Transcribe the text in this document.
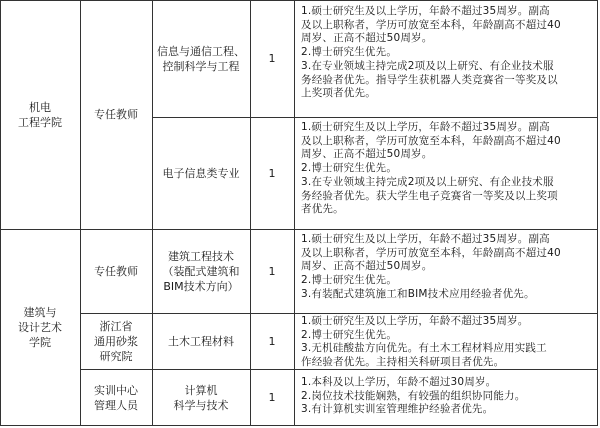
机电
工程学院
建筑与
设计艺术
学院
专任教师
专任教师
浙江省
通用砂浆
研究院
实训中心
管理人员
信息与通信工程、
控制科学与工程
电子信息类专业
建筑工程技术
（装配式建筑和
BIM技术方向）
土木工程材料
计算机
科学与技术
1
1
1
1
1
1.硕士研究生及以上学历，年龄不超过35周岁。副高
及以上职称者，学历可放宽至本科，年龄副高不超过40
周岁、正高不超过50周岁。
2.博士研究生优先。
3.在专业领域主持完成2项及以上研究、有企业技术服
务经验者优先。指导学生获机器人类竞赛省一等奖及以
上奖项者优先。
1.硕士研究生及以上学历，年龄不超过35周岁。副高
及以上职称者，学历可放宽至本科，年龄副高不超过40
周岁、正高不超过50周岁。
2.博士研究生优先。
3.在专业领域主持完成2项及以上研究、有企业技术服
务经验者优先。获大学生电子竞赛省一等奖及以上奖项
者优先。
1.硕士研究生及以上学历，年龄不超过35周岁。副高
及以上职称者，学历可放宽至本科，年龄副高不超过40
周岁、正高不超过50周岁。
2.博士研究生优先。
3.有装配式建筑施工和BIM技术应用经验者优先。
1.硕士研究生及以上学历，年龄不超过35周岁。
2.博士研究生优先。
3.无机硅酸盐方向优先。有土木工程材料应用实践工
作经验者优先。主持相关科研项目者优先。
1.本科及以上学历，年龄不超过30周岁。
2.岗位技术技能娴熟，有较强的组织协同能力。
3.有计算机实训室管理维护经验者优先。
